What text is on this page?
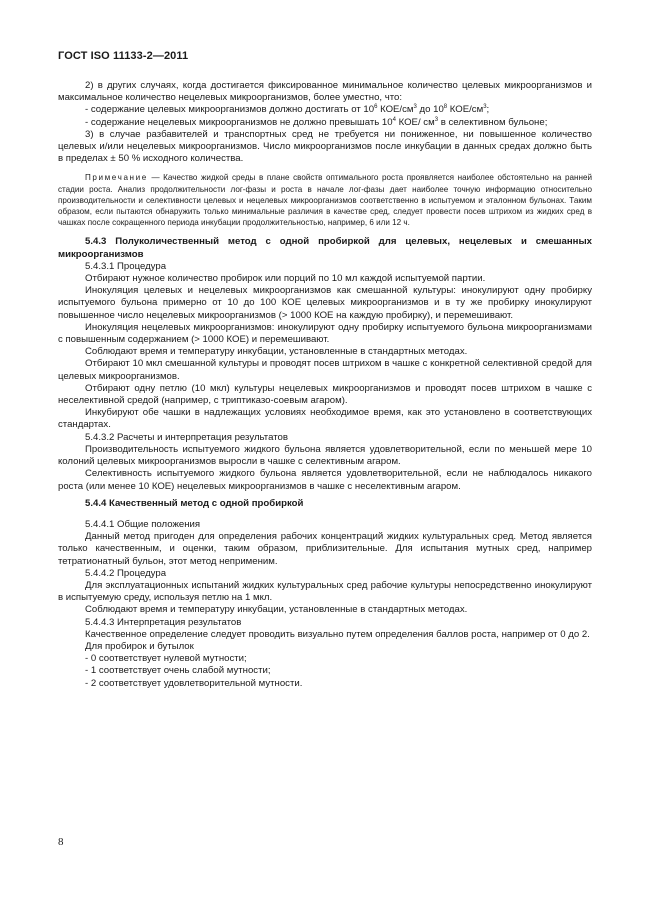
ГОСТ ISO 11133-2—2011

2) в других случаях, когда достигается фиксированное минимальное количество целевых микроорганизмов и максимальное количество нецелевых микроорганизмов, более уместно, что:

- содержание целевых микроорганизмов должно достигать от $10^6$ КОЕ/$см^3$ до $10^8$ КОЕ/$см^3$;

- содержание нецелевых микроорганизмов не должно превышать $10^4$ КОЕ/ $см^3$ в селективном бульоне;

3) в случае разбавителей и транспортных сред не требуется ни пониженное, ни повышенное количество целевых и/или нецелевых микроорганизмов. Число микроорганизмов после инкубации в данных средах должно быть в пределах ± 50 % исходного количества.

Примечание — Качество жидкой среды в плане свойств оптимального роста проявляется наиболее обстоятельно на ранней стадии роста. Анализ продолжительности лог-фазы и роста в начале лог-фазы дает наиболее точную информацию относительно производительности и селективности целевых и нецелевых микроорганизмов соответственно в испытуемом и эталонном бульонах. Таким образом, если пытаются обнаружить только минимальные различия в качестве сред, следует провести посев штрихом из жидких сред в чашках после сокращенного периода инкубации продолжительностью, например, 6 или 12 ч.

5.4.3 Полуколичественный метод с одной пробиркой для целевых, нецелевых и смешанных микроорганизмов

5.4.3.1 Процедура

Отбирают нужное количество пробирок или порций по 10 мл каждой испытуемой партии.

Инокуляция целевых и нецелевых микроорганизмов как смешанной культуры: инокулируют одну пробирку испытуемого бульона примерно от 10 до 100 КОЕ целевых микроорганизмов и в ту же пробирку инокулируют повышенное число нецелевых микроорганизмов (> 1000 КОЕ на каждую пробирку), и перемешивают.

Инокуляция нецелевых микроорганизмов: инокулируют одну пробирку испытуемого бульона микроорганизмами с повышенным содержанием (> 1000 КОЕ) и перемешивают.

Соблюдают время и температуру инкубации, установленные в стандартных методах.

Отбирают 10 мкл смешанной культуры и проводят посев штрихом в чашке с конкретной селективной средой для целевых микроорганизмов.

Отбирают одну петлю (10 мкл) культуры нецелевых микроорганизмов и проводят посев штрихом в чашке с неселективной средой (например, с триптиказо-соевым агаром).

Инкубируют обе чашки в надлежащих условиях необходимое время, как это установлено в соответствующих стандартах.

5.4.3.2 Расчеты и интерпретация результатов

Производительность испытуемого жидкого бульона является удовлетворительной, если по меньшей мере 10 колоний целевых микроорганизмов выросли в чашке с селективным агаром.

Селективность испытуемого жидкого бульона является удовлетворительной, если не наблюдалось никакого роста (или менее 10 КОЕ) нецелевых микроорганизмов в чашке с неселективным агаром.

5.4.4 Качественный метод с одной пробиркой

5.4.4.1 Общие положения

Данный метод пригоден для определения рабочих концентраций жидких культуральных сред. Метод является только качественным, и оценки, таким образом, приблизительные. Для испытания мутных сред, например тетратионатный бульон, этот метод неприменим.

5.4.4.2 Процедура

Для эксплуатационных испытаний жидких культуральных сред рабочие культуры непосредственно инокулируют в испытуемую среду, используя петлю на 1 мкл.

Соблюдают время и температуру инкубации, установленные в стандартных методах.

5.4.4.3 Интерпретация результатов

Качественное определение следует проводить визуально путем определения баллов роста, например от 0 до 2.

Для пробирок и бутылок

- 0 соответствует нулевой мутности;

- 1 соответствует очень слабой мутности;

- 2 соответствует удовлетворительной мутности.

8
